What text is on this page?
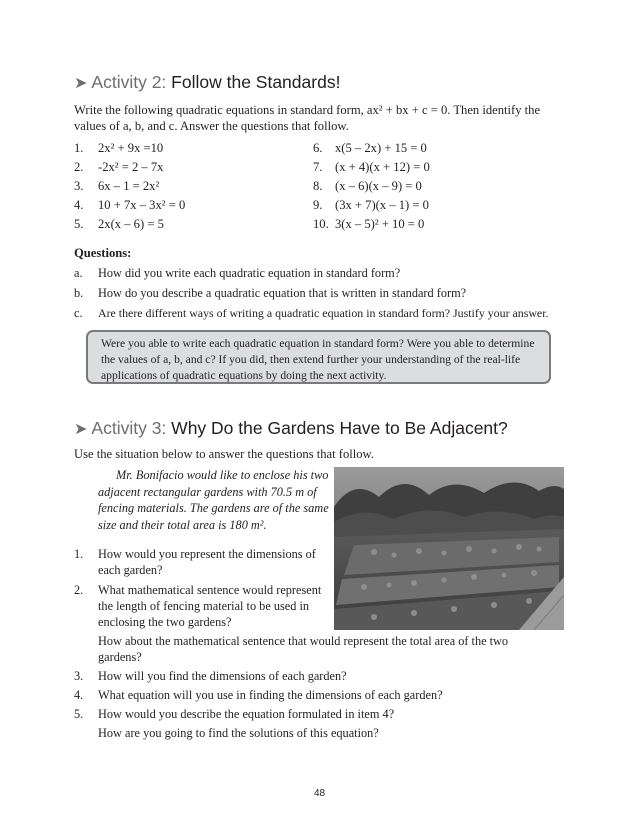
➤ Activity 2: Follow the Standards!
Write the following quadratic equations in standard form, ax² + bx + c = 0. Then identify the
values of a, b, and c. Answer the questions that follow.
1. 2x² + 9x =10
2. -2x² = 2 – 7x
3. 6x – 1 = 2x²
4. 10 + 7x – 3x² = 0
5. 2x(x – 6) = 5
6. x(5 – 2x) + 15 = 0
7. (x + 4)(x + 12) = 0
8. (x – 6)(x – 9) = 0
9. (3x + 7)(x – 1) = 0
10. 3(x – 5)² + 10 = 0
Questions:
a. How did you write each quadratic equation in standard form?
b. How do you describe a quadratic equation that is written in standard form?
c. Are there different ways of writing a quadratic equation in standard form? Justify your answer.
Were you able to write each quadratic equation in standard form? Were you able to determine
the values of a, b, and c? If you did, then extend further your understanding of the real-life
applications of quadratic equations by doing the next activity.
➤ Activity 3: Why Do the Gardens Have to Be Adjacent?
Use the situation below to answer the questions that follow.
Mr. Bonifacio would like to enclose his two
adjacent rectangular gardens with 70.5 m of
fencing materials. The gardens are of the same
size and their total area is 180 m².
1. How would you represent the dimensions of
each garden?
2. What mathematical sentence would represent
the length of fencing material to be used in
enclosing the two gardens?
How about the mathematical sentence that would represent the total area of the two
gardens?
3. How will you find the dimensions of each garden?
4. What equation will you use in finding the dimensions of each garden?
5. How would you describe the equation formulated in item 4?
How are you going to find the solutions of this equation?
48
